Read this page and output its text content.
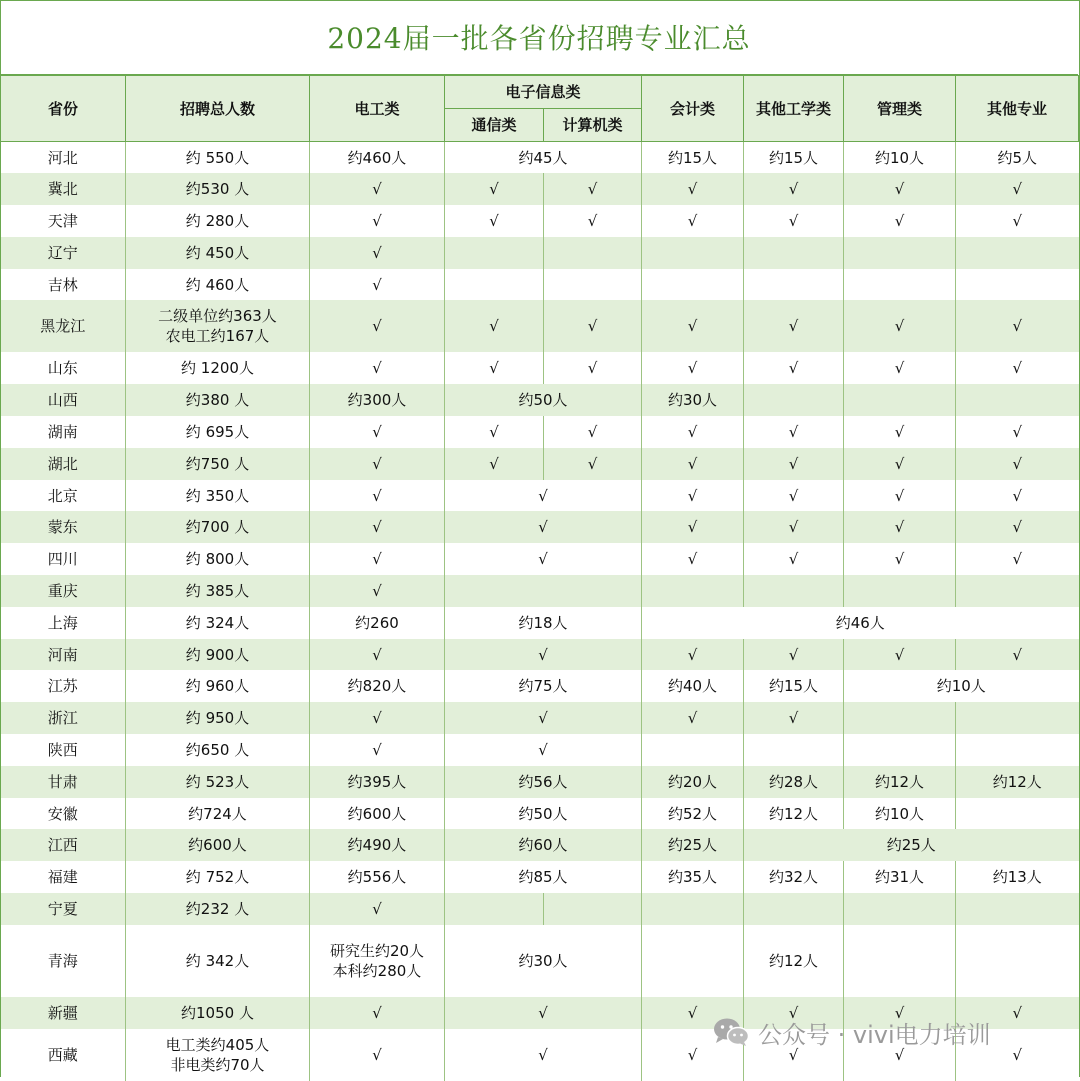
2024届一批各省份招聘专业汇总
省份	招聘总人数	电工类	电子信息类		会计类	其他工学类	管理类	其他专业
			通信类	计算机类				
河北	约 550人	约460人	约45人		约15人	约15人	约10人	约5人
冀北	约530 人	√	√	√	√	√	√	√
天津	约 280人	√	√	√	√	√	√	√
辽宁	约 450人	√						
吉林	约 460人	√						
黑龙江	二级单位约363人
农电工约167人	√	√	√	√	√	√	√
山东	约 1200人	√	√	√	√	√	√	√
山西	约380 人	约300人	约50人		约30人			
湖南	约 695人	√	√	√	√	√	√	√
湖北	约750 人	√	√	√	√	√	√	√
北京	约 350人	√	√		√	√	√	√
蒙东	约700 人	√	√		√	√	√	√
四川	约 800人	√	√		√	√	√	√
重庆	约 385人	√						
上海	约 324人	约260	约18人		约46人			
河南	约 900人	√	√		√	√	√	√
江苏	约 960人	约820人	约75人		约40人	约15人	约10人	
浙江	约 950人	√	√		√	√		
陕西	约650 人	√	√					
甘肃	约 523人	约395人	约56人		约20人	约28人	约12人	约12人
安徽	约724人	约600人	约50人		约52人	约12人	约10人	
江西	约600人	约490人	约60人		约25人	约25人		
福建	约 752人	约556人	约85人		约35人	约32人	约31人	约13人
宁夏	约232 人	√						
青海	约 342人	研究生约20人
本科约280人	约30人			约12人		
新疆	约1050 人	√	√		√	√	√	√
西藏	电工类约405人
非电类约70人	√	√		√	√	√	√
公众号 · vivi电力培训
